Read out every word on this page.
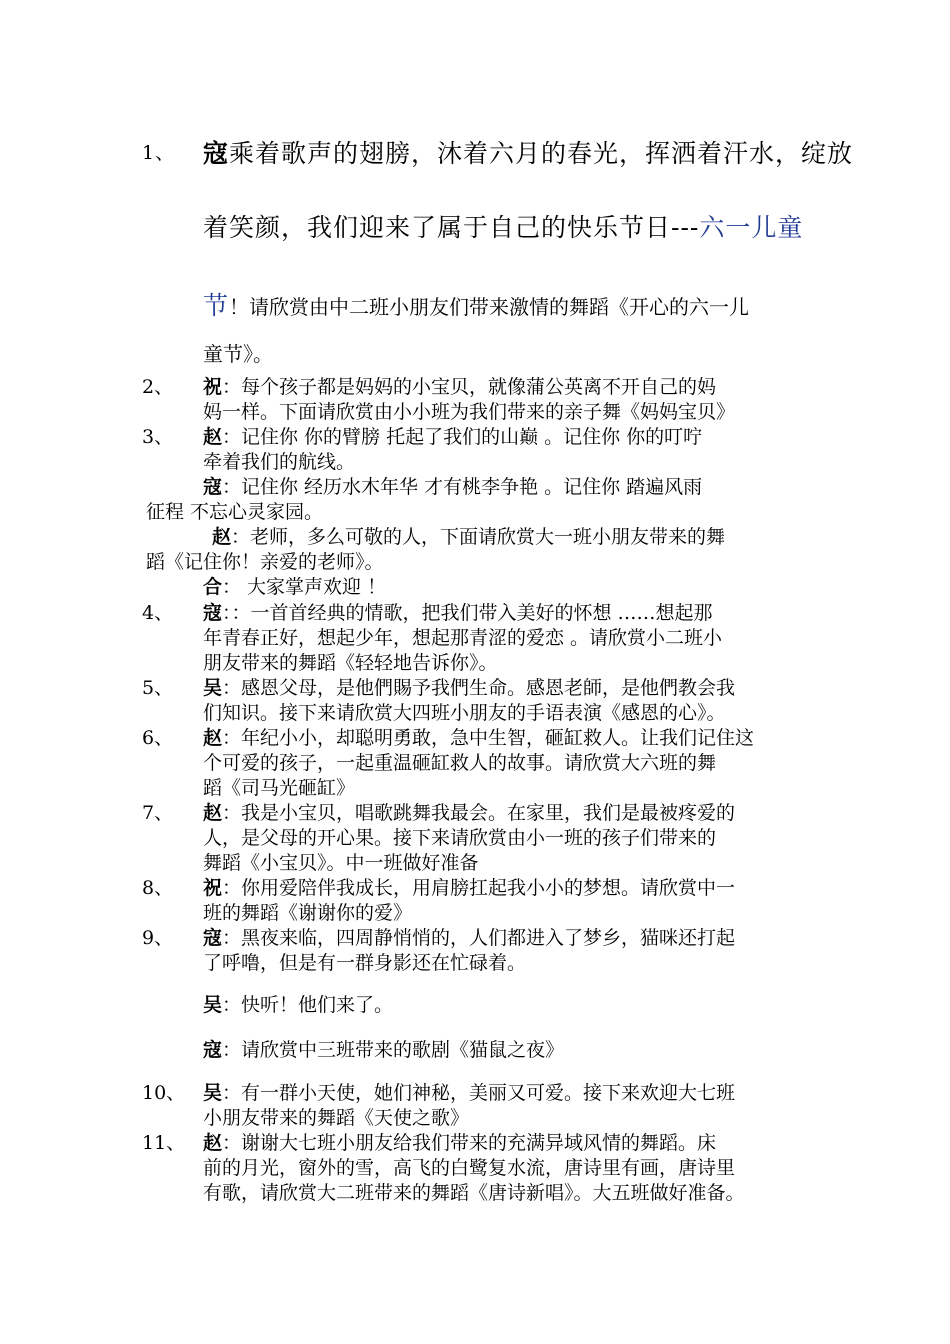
1、 寇乘着歌声的翅膀，沐着六月的春光，挥洒着汗水，绽放
着笑颜，我们迎来了属于自己的快乐节日---六一儿童
节！请欣赏由中二班小朋友们带来激情的舞蹈《开心的六一儿
童节》。
2、 祝：每个孩子都是妈妈的小宝贝，就像蒲公英离不开自己的妈
妈一样。下面请欣赏由小小班为我们带来的亲子舞《妈妈宝贝》
3、 赵：记住你 你的臂膀 托起了我们的山巅 。记住你 你的叮咛
牵着我们的航线。
寇：记住你 经历水木年华 才有桃李争艳 。记住你 踏遍风雨
征程 不忘心灵家园。
赵：老师，多么可敬的人，下面请欣赏大一班小朋友带来的舞
蹈《记住你！亲爱的老师》。
合： 大家掌声欢迎 ！
4、 寇：：一首首经典的情歌，把我们带入美好的怀想 ……想起那
年青春正好，想起少年，想起那青涩的爱恋 。请欣赏小二班小
朋友带来的舞蹈《轻轻地告诉你》。
5、 吴：感恩父母，是他們賜予我們生命。感恩老師，是他們教会我
们知识。接下来请欣赏大四班小朋友的手语表演《感恩的心》。
6、 赵：年纪小小，却聪明勇敢，急中生智，砸缸救人。让我们记住这
个可爱的孩子，一起重温砸缸救人的故事。请欣赏大六班的舞
蹈《司马光砸缸》
7、 赵：我是小宝贝，唱歌跳舞我最会。在家里，我们是最被疼爱的
人，是父母的开心果。接下来请欣赏由小一班的孩子们带来的
舞蹈《小宝贝》。中一班做好准备
8、 祝：你用爱陪伴我成长，用肩膀扛起我小小的梦想。请欣赏中一
班的舞蹈《谢谢你的爱》
9、 寇：黑夜来临，四周静悄悄的，人们都进入了梦乡，猫咪还打起
了呼噜，但是有一群身影还在忙碌着。
吴：快听！他们来了。
寇：请欣赏中三班带来的歌剧《猫鼠之夜》
10、 吴：有一群小天使，她们神秘，美丽又可爱。接下来欢迎大七班
小朋友带来的舞蹈《天使之歌》
11、 赵：谢谢大七班小朋友给我们带来的充满异域风情的舞蹈。床
前的月光，窗外的雪，高飞的白鹭复水流，唐诗里有画，唐诗里
有歌，请欣赏大二班带来的舞蹈《唐诗新唱》。大五班做好准备。
